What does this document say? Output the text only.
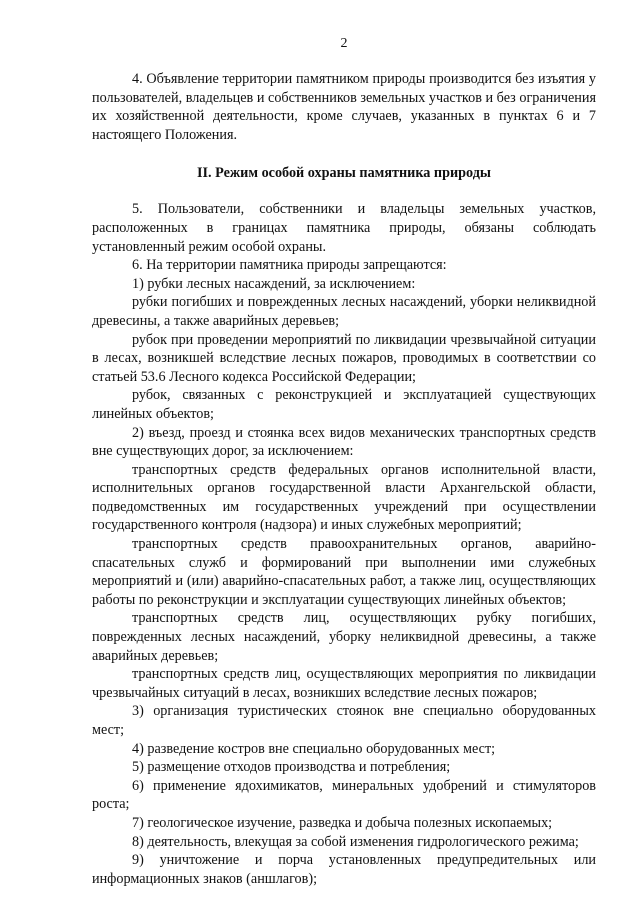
2

4. Объявление территории памятником природы производится без изъятия у пользователей, владельцев и собственников земельных участков и без ограничения их хозяйственной деятельности, кроме случаев, указанных в пунктах 6 и 7 настоящего Положения.

II. Режим особой охраны памятника природы

5. Пользователи, собственники и владельцы земельных участков, расположенных в границах памятника природы, обязаны соблюдать установленный режим особой охраны.

6. На территории памятника природы запрещаются:

1) рубки лесных насаждений, за исключением:

рубки погибших и поврежденных лесных насаждений, уборки неликвидной древесины, а также аварийных деревьев;

рубок при проведении мероприятий по ликвидации чрезвычайной ситуации в лесах, возникшей вследствие лесных пожаров, проводимых в соответствии со статьей 53.6 Лесного кодекса Российской Федерации;

рубок, связанных с реконструкцией и эксплуатацией существующих линейных объектов;

2) въезд, проезд и стоянка всех видов механических транспортных средств вне существующих дорог, за исключением:

транспортных средств федеральных органов исполнительной власти, исполнительных органов государственной власти Архангельской области, подведомственных им государственных учреждений при осуществлении государственного контроля (надзора) и иных служебных мероприятий;

транспортных средств правоохранительных органов, аварийно-спасательных служб и формирований при выполнении ими служебных мероприятий и (или) аварийно-спасательных работ, а также лиц, осуществляющих работы по реконструкции и эксплуатации существующих линейных объектов;

транспортных средств лиц, осуществляющих рубку погибших, поврежденных лесных насаждений, уборку неликвидной древесины, а также аварийных деревьев;

транспортных средств лиц, осуществляющих мероприятия по ликвидации чрезвычайных ситуаций в лесах, возникших вследствие лесных пожаров;

3) организация туристических стоянок вне специально оборудованных мест;

4) разведение костров вне специально оборудованных мест;

5) размещение отходов производства и потребления;

6) применение ядохимикатов, минеральных удобрений и стимуляторов роста;

7) геологическое изучение, разведка и добыча полезных ископаемых;

8) деятельность, влекущая за собой изменения гидрологического режима;

9) уничтожение и порча установленных предупредительных или информационных знаков (аншлагов);
